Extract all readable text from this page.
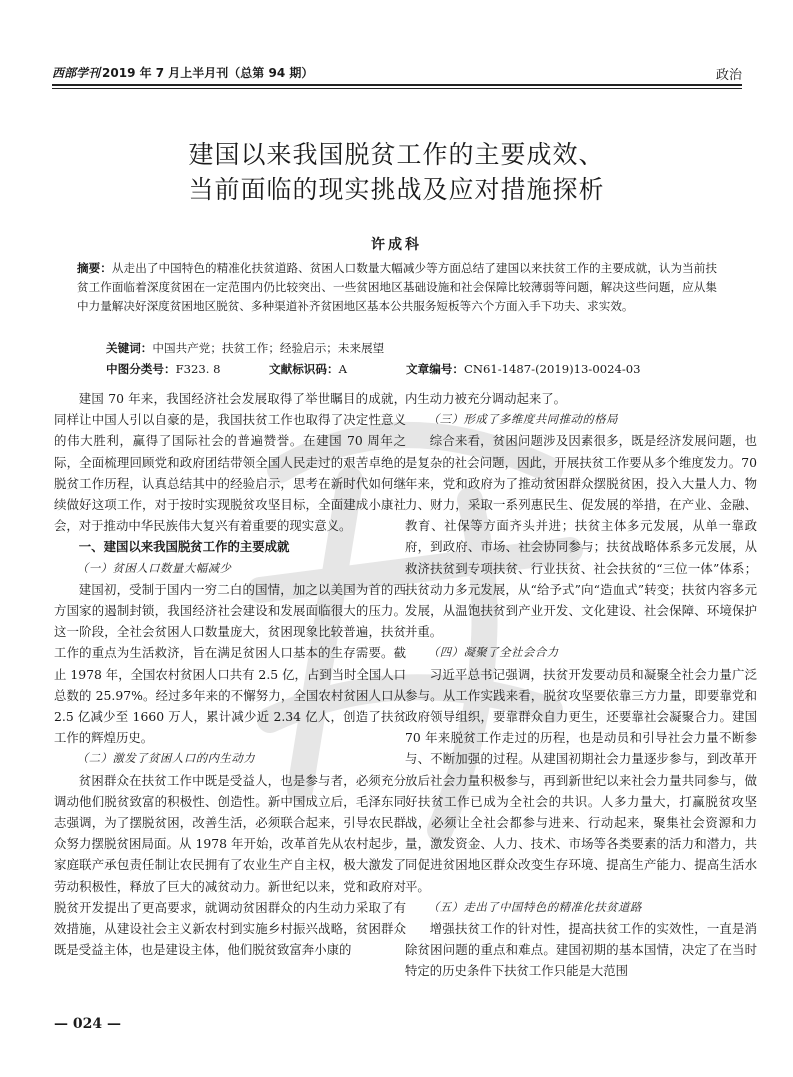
西部学刊 2019 年 7 月上半月刊（总第 94 期）	政治
建国以来我国脱贫工作的主要成效、
当前面临的现实挑战及应对措施探析
许成科
摘要：从走出了中国特色的精准化扶贫道路、贫困人口数量大幅减少等方面总结了建国以来扶贫工作的主要成就，认为当前扶贫工作面临着深度贫困在一定范围内仍比较突出、一些贫困地区基础设施和社会保障比较薄弱等问题，解决这些问题，应从集中力量解决好深度贫困地区脱贫、多种渠道补齐贫困地区基本公共服务短板等六个方面入手下功夫、求实效。
关键词：中国共产党；扶贫工作；经验启示；未来展望
中图分类号：F323. 8	文献标识码：A	文章编号：CN61-1487-(2019)13-0024-03

建国 70 年来，我国经济社会发展取得了举世瞩目的成就，同样让中国人引以自豪的是，我国扶贫工作也取得了决定性意义的伟大胜利，赢得了国际社会的普遍赞誉。在建国 70 周年之际，全面梳理回顾党和政府团结带领全国人民走过的艰苦卓绝的脱贫工作历程，认真总结其中的经验启示，思考在新时代如何继续做好这项工作，对于按时实现脱贫攻坚目标，全面建成小康社会，对于推动中华民族伟大复兴有着重要的现实意义。

一、建国以来我国脱贫工作的主要成就
（一）贫困人口数量大幅减少

建国初，受制于国内一穷二白的国情，加之以美国为首的西方国家的遏制封锁，我国经济社会建设和发展面临很大的压力。这一阶段，全社会贫困人口数量庞大，贫困现象比较普遍，扶贫工作的重点为生活救济，旨在满足贫困人口基本的生存需要。截止 1978 年，全国农村贫困人口共有 2.5 亿，占到当时全国人口总数的 25.97%。经过多年来的不懈努力，全国农村贫困人口从 2.5 亿减少至 1660 万人，累计减少近 2.34 亿人，创造了扶贫工作的辉煌历史。

（二）激发了贫困人口的内生动力

贫困群众在扶贫工作中既是受益人，也是参与者，必须充分调动他们脱贫致富的积极性、创造性。新中国成立后，毛泽东同志强调，为了摆脱贫困，改善生活，必须联合起来，引导农民群众努力摆脱贫困局面。从 1978 年开始，改革首先从农村起步，家庭联产承包责任制让农民拥有了农业生产自主权，极大激发了劳动积极性，释放了巨大的减贫动力。新世纪以来，党和政府对脱贫开发提出了更高要求，就调动贫困群众的内生动力采取了有效措施，从建设社会主义新农村到实施乡村振兴战略，贫困群众既是受益主体，也是建设主体，他们脱贫致富奔小康的

内生动力被充分调动起来了。

（三）形成了多维度共同推动的格局

综合来看，贫困问题涉及因素很多，既是经济发展问题，也是复杂的社会问题，因此，开展扶贫工作要从多个维度发力。70 年来，党和政府为了推动贫困群众摆脱贫困，投入大量人力、物力、财力，采取一系列惠民生、促发展的举措，在产业、金融、教育、社保等方面齐头并进；扶贫主体多元发展，从单一靠政府，到政府、市场、社会协同参与；扶贫战略体系多元发展，从救济扶贫到专项扶贫、行业扶贫、社会扶贫的“三位一体”体系；扶贫动力多元发展，从“给予式”向“造血式”转变；扶贫内容多元发展，从温饱扶贫到产业开发、文化建设、社会保障、环境保护并重。

（四）凝聚了全社会合力

习近平总书记强调，扶贫开发要动员和凝聚全社会力量广泛参与。从工作实践来看，脱贫攻坚要依靠三方力量，即要靠党和政府领导组织，要靠群众自力更生，还要靠社会凝聚合力。建国 70 年来脱贫工作走过的历程，也是动员和引导社会力量不断参与、不断加强的过程。从建国初期社会力量逐步参与，到改革开放后社会力量积极参与，再到新世纪以来社会力量共同参与，做好扶贫工作已成为全社会的共识。人多力量大，打赢脱贫攻坚战，必须让全社会都参与进来、行动起来，聚集社会资源和力量，激发资金、人力、技术、市场等各类要素的活力和潜力，共同促进贫困地区群众改变生存环境、提高生产能力、提高生活水平。

（五）走出了中国特色的精准化扶贫道路

增强扶贫工作的针对性，提高扶贫工作的实效性，一直是消除贫困问题的重点和难点。建国初期的基本国情，决定了在当时特定的历史条件下扶贫工作只能是大范围

— 024 —
